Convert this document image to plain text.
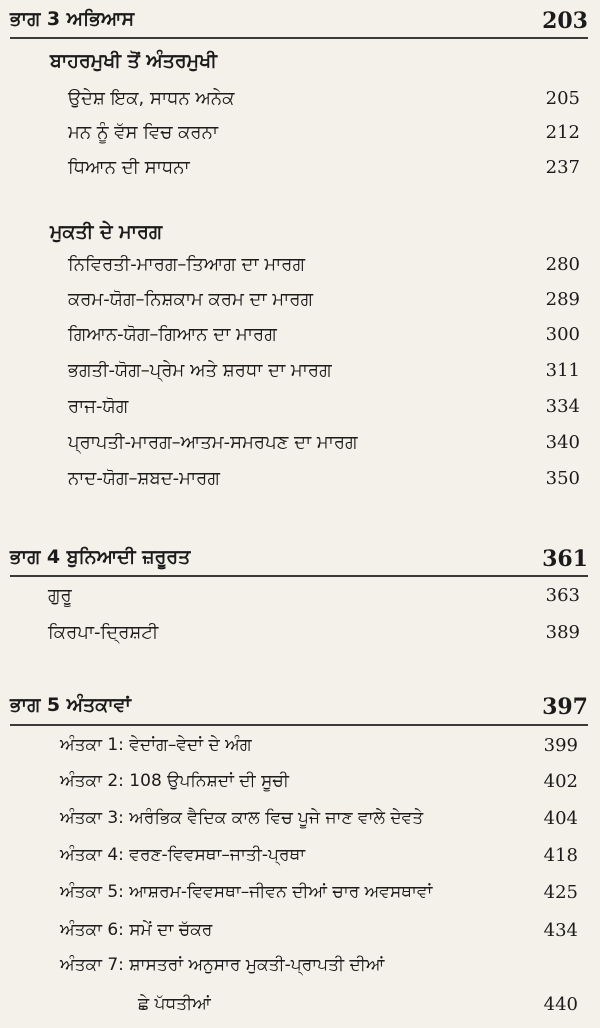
ਭਾਗ 3 ਅਭਿਆਸ	203
ਬਾਹਰਮੁਖੀ ਤੋਂ ਅੰਤਰਮੁਖੀ
ਉਦੇਸ਼ ਇਕ, ਸਾਧਨ ਅਨੇਕ	205
ਮਨ ਨੂੰ ਵੱਸ ਵਿਚ ਕਰਨਾ	212
ਧਿਆਨ ਦੀ ਸਾਧਨਾ	237
ਮੁਕਤੀ ਦੇ ਮਾਰਗ
ਨਿਵਿਰਤੀ-ਮਾਰਗ–ਤਿਆਗ ਦਾ ਮਾਰਗ	280
ਕਰਮ-ਯੋਗ–ਨਿਸ਼ਕਾਮ ਕਰਮ ਦਾ ਮਾਰਗ	289
ਗਿਆਨ-ਯੋਗ–ਗਿਆਨ ਦਾ ਮਾਰਗ	300
ਭਗਤੀ-ਯੋਗ–ਪ੍ਰੇਮ ਅਤੇ ਸ਼ਰਧਾ ਦਾ ਮਾਰਗ	311
ਰਾਜ-ਯੋਗ	334
ਪ੍ਰਾਪਤੀ-ਮਾਰਗ–ਆਤਮ-ਸਮਰਪਣ ਦਾ ਮਾਰਗ	340
ਨਾਦ-ਯੋਗ–ਸ਼ਬਦ-ਮਾਰਗ	350
ਭਾਗ 4 ਬੁਨਿਆਦੀ ਜ਼ਰੂਰਤ	361
ਗੁਰੂ	363
ਕਿਰਪਾ-ਦ੍ਰਿਸ਼ਟੀ	389
ਭਾਗ 5 ਅੰਤਕਾਵਾਂ	397
ਅੰਤਕਾ 1: ਵੇਦਾਂਗ–ਵੇਦਾਂ ਦੇ ਅੰਗ	399
ਅੰਤਕਾ 2: 108 ਉਪਨਿਸ਼ਦਾਂ ਦੀ ਸੂਚੀ	402
ਅੰਤਕਾ 3: ਅਰੰਭਿਕ ਵੈਦਿਕ ਕਾਲ ਵਿਚ ਪੂਜੇ ਜਾਣ ਵਾਲੇ ਦੇਵਤੇ	404
ਅੰਤਕਾ 4: ਵਰਣ-ਵਿਵਸਥਾ–ਜਾਤੀ-ਪ੍ਰਥਾ	418
ਅੰਤਕਾ 5: ਆਸ਼ਰਮ-ਵਿਵਸਥਾ–ਜੀਵਨ ਦੀਆਂ ਚਾਰ ਅਵਸਥਾਵਾਂ	425
ਅੰਤਕਾ 6: ਸਮੇਂ ਦਾ ਚੱਕਰ	434
ਅੰਤਕਾ 7: ਸ਼ਾਸਤਰਾਂ ਅਨੁਸਾਰ ਮੁਕਤੀ-ਪ੍ਰਾਪਤੀ ਦੀਆਂ
ਛੇ ਪੱਧਤੀਆਂ	440
